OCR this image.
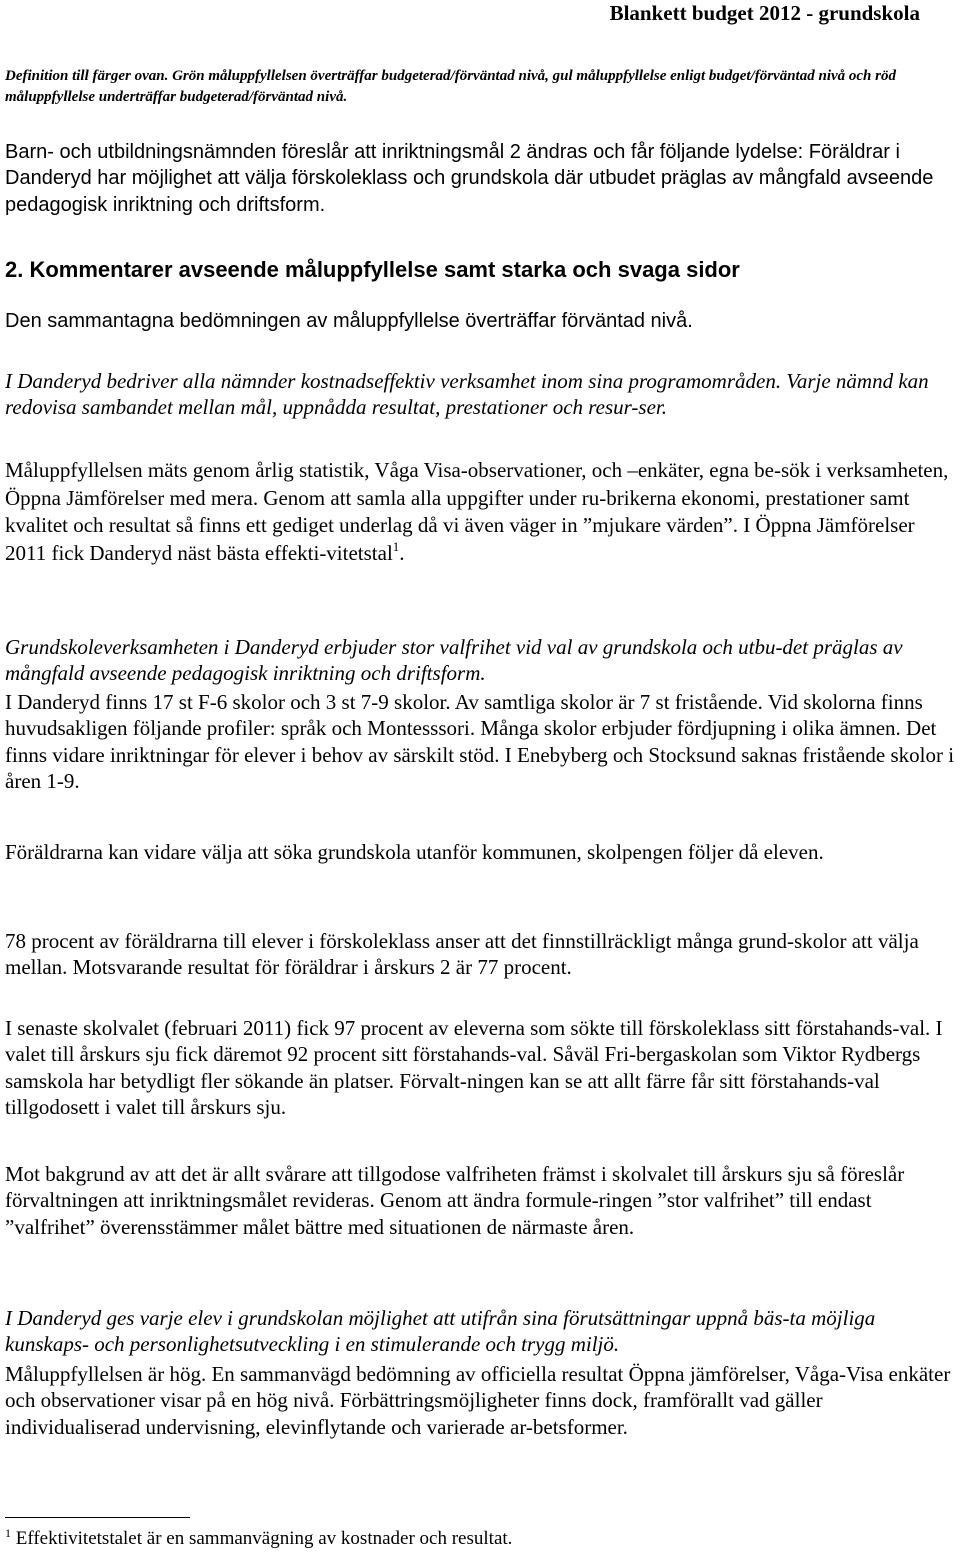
Blankett budget 2012 - grundskola

Definition till färger ovan. Grön måluppfyllelsen överträffar budgeterad/förväntad nivå, gul måluppfyllelse enligt budget/förväntad nivå och röd måluppfyllelse underträffar budgeterad/förväntad nivå.

Barn- och utbildningsnämnden föreslår att inriktningsmål 2 ändras och får följande lydelse: Föräldrar i Danderyd har möjlighet att välja förskoleklass och grundskola där utbudet präglas av mångfald avseende pedagogisk inriktning och driftsform.

2. Kommentarer avseende måluppfyllelse samt starka och svaga sidor

Den sammantagna bedömningen av måluppfyllelse överträffar förväntad nivå.

I Danderyd bedriver alla nämnder kostnadseffektiv verksamhet inom sina programområden. Varje nämnd kan redovisa sambandet mellan mål, uppnådda resultat, prestationer och resur-ser.

Måluppfyllelsen mäts genom årlig statistik, Våga Visa-observationer, och –enkäter, egna be-sök i verksamheten, Öppna Jämförelser med mera. Genom att samla alla uppgifter under ru-brikerna ekonomi, prestationer samt kvalitet och resultat så finns ett gediget underlag då vi även väger in ”mjukare värden”. I Öppna Jämförelser 2011 fick Danderyd näst bästa effekti-vitetstal$^1$.

Grundskoleverksamheten i Danderyd erbjuder stor valfrihet vid val av grundskola och utbu-det präglas av mångfald avseende pedagogisk inriktning och driftsform.

I Danderyd finns 17 st F-6 skolor och 3 st 7-9 skolor. Av samtliga skolor är 7 st fristående. Vid skolorna finns huvudsakligen följande profiler: språk och Montesssori. Många skolor erbjuder fördjupning i olika ämnen. Det finns vidare inriktningar för elever i behov av särskilt stöd. I Enebyberg och Stocksund saknas fristående skolor i åren 1-9.

Föräldrarna kan vidare välja att söka grundskola utanför kommunen, skolpengen följer då eleven.

78 procent av föräldrarna till elever i förskoleklass anser att det finnstillräckligt många grund-skolor att välja mellan. Motsvarande resultat för föräldrar i årskurs 2 är 77 procent.

I senaste skolvalet (februari 2011) fick 97 procent av eleverna som sökte till förskoleklass sitt förstahands-val. I valet till årskurs sju fick däremot 92 procent sitt förstahands-val. Såväl Fri-bergaskolan som Viktor Rydbergs samskola har betydligt fler sökande än platser. Förvalt-ningen kan se att allt färre får sitt förstahands-val tillgodosett i valet till årskurs sju.

Mot bakgrund av att det är allt svårare att tillgodose valfriheten främst i skolvalet till årskurs sju så föreslår förvaltningen att inriktningsmålet revideras. Genom att ändra formule-ringen ”stor valfrihet” till endast ”valfrihet” överensstämmer målet bättre med situationen de närmaste åren.

I Danderyd ges varje elev i grundskolan möjlighet att utifrån sina förutsättningar uppnå bäs-ta möjliga kunskaps- och personlighetsutveckling i en stimulerande och trygg miljö.

Måluppfyllelsen är hög. En sammanvägd bedömning av officiella resultat Öppna jämförelser, Våga-Visa enkäter och observationer visar på en hög nivå. Förbättringsmöjligheter finns dock, framförallt vad gäller individualiserad undervisning, elevinflytande och varierade ar-betsformer.

$^1$ Effektivitetstalet är en sammanvägning av kostnader och resultat.
